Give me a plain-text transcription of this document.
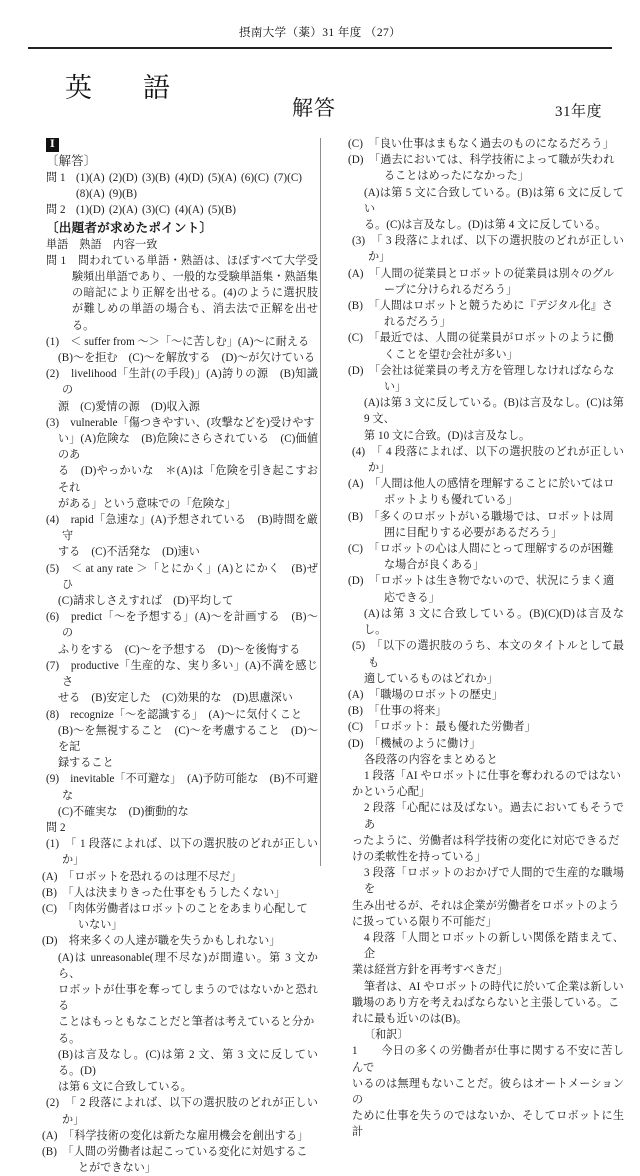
摂南大学（薬）31 年度 （27）
英　語
解答	31年度
Ⅰ
〔解答〕
問 1 (1)(A) (2)(D) (3)(B) (4)(D) (5)(A) (6)(C) (7)(C)
(8)(A) (9)(B)
問 2 (1)(D) (2)(A) (3)(C) (4)(A) (5)(B)
〔出題者が求めたポイント〕
単語　熟語　内容一致
問 1　 問われている単語・熟語は、ほぼすべて大学受験頻出単語であり、一般的な受験単語集・熟語集の暗記により正解を出せる。(4)のように選択肢が難しめの単語の場合も、消去法で正解を出せる。
(1)　 ＜ suffer from ～＞「～に苦しむ」(A)～に耐える
(B)～を拒む　(C)～を解放する　(D)～が欠けている
(2)　 livelihood「生計(の手段)」(A)誇りの源　(B)知識の
源　(C)愛情の源　(D)収入源
(3)　 vulnerable「傷つきやすい、(攻撃などを)受けやす
い」(A)危険な　(B)危険にさらされている　(C)価値のあ
る　(D)やっかいな　＊(A)は「危険を引き起こすおそれ
がある」という意味での「危険な」
(4)　 rapid「急速な」(A)予想されている　(B)時間を厳守
する　(C)不活発な　(D)速い
(5)　 ＜ at any rate ＞「とにかく」(A)とにかく　(B)ぜひ
(C)請求しさえすれば　(D)平均して
(6)　 predict「～を予想する」(A)～を計画する　(B)～の
ふりをする　(C)～を予想する　(D)～を後悔する
(7)　 productive「生産的な、実り多い」(A)不満を感じさ
せる　(B)安定した　(C)効果的な　(D)思慮深い
(8)　 recognize「～を認識する」　(A)～に気付くこと
(B)～を無視すること　(C)～を考慮すること　(D)～を記
録すること
(9)　 inevitable「不可避な」　(A)予防可能な　(B)不可避な
(C)不確実な　(D)衝動的な
問 2
(1)　 「 1 段落によれば、以下の選択肢のどれが正しいか」
(A)　 「ロボットを恐れるのは理不尽だ」
(B)　 「人は決まりきった仕事をもうしたくない」
(C)　 「肉体労働者はロボットのことをあまり心配して
いない」
(D)　 将来多くの人達が職を失うかもしれない」
(A)は unreasonable(理不尽な)が間違い。第 3 文から、
ロボットが仕事を奪ってしまうのではないかと恐れる
ことはもっともなことだと筆者は考えていると分か
る。
(B)は言及なし。(C)は第 2 文、第 3 文に反している。(D)
は第 6 文に合致している。
(2)　 「 2 段落によれば、以下の選択肢のどれが正しいか」
(A)　 「科学技術の変化は新たな雇用機会を創出する」
(B)　 「人間の労働者は起こっている変化に対処するこ
とができない」
(C)　 「良い仕事はまもなく過去のものになるだろう」
(D)　 「過去においては、科学技術によって職が失われ
ることはめったになかった」
(A)は第 5 文に合致している。(B)は第 6 文に反してい
る。(C)は言及なし。(D)は第 4 文に反している。
(3)　 「 3 段落によれば、以下の選択肢のどれが正しいか」
(A)　 「人間の従業員とロボットの従業員は別々のグル
ープに分けられるだろう」
(B)　 「人間はロボットと競うために『デジタル化』さ
れるだろう」
(C)　 「最近では、人間の従業員がロボットのように働
くことを望む会社が多い」
(D)　 「会社は従業員の考え方を管理しなければならな
い」
(A)は第 3 文に反している。(B)は言及なし。(C)は第 9 文、
第 10 文に合致。(D)は言及なし。
(4)　 「 4 段落によれば、以下の選択肢のどれが正しいか」
(A)　 「人間は他人の感情を理解することに於いてはロ
ボットよりも優れている」
(B)　 「多くのロボットがいる職場では、ロボットは周
囲に目配りする必要があるだろう」
(C)　 「ロボットの心は人間にとって理解するのが困難
な場合が良くある」
(D)　 「ロボットは生き物でないので、状況にうまく適
応できる」
(A)は第 3 文に合致している。(B)(C)(D)は言及なし。
(5)　 「以下の選択肢のうち、本文のタイトルとして最も
適しているものはどれか」
(A)　 「職場のロボットの歴史」
(B)　 「仕事の将来」
(C)　 「ロボット：最も優れた労働者」
(D)　 「機械のように働け」
各段落の内容をまとめると
1 段落「AI やロボットに仕事を奪われるのではない
かという心配」
2 段落「心配には及ばない。過去においてもそうであ
ったように、労働者は科学技術の変化に対応できるだ
けの柔軟性を持っている」
3 段落「ロボットのおかげで人間的で生産的な職場を
生み出せるが、それは企業が労働者をロボットのよう
に扱っている限り不可能だ」
4 段落「人間とロボットの新しい関係を踏まえて、企
業は経営方針を再考すべきだ」
筆者は、AI やロボットの時代に於いて企業は新しい
職場のあり方を考えねばならないと主張している。こ
れに最も近いのは(B)。
〔和訳〕
1　　 今日の多くの労働者が仕事に関する不安に苦しんで
いるのは無理もないことだ。彼らはオートメーションの
ために仕事を失うのではないか、そしてロボットに生計
